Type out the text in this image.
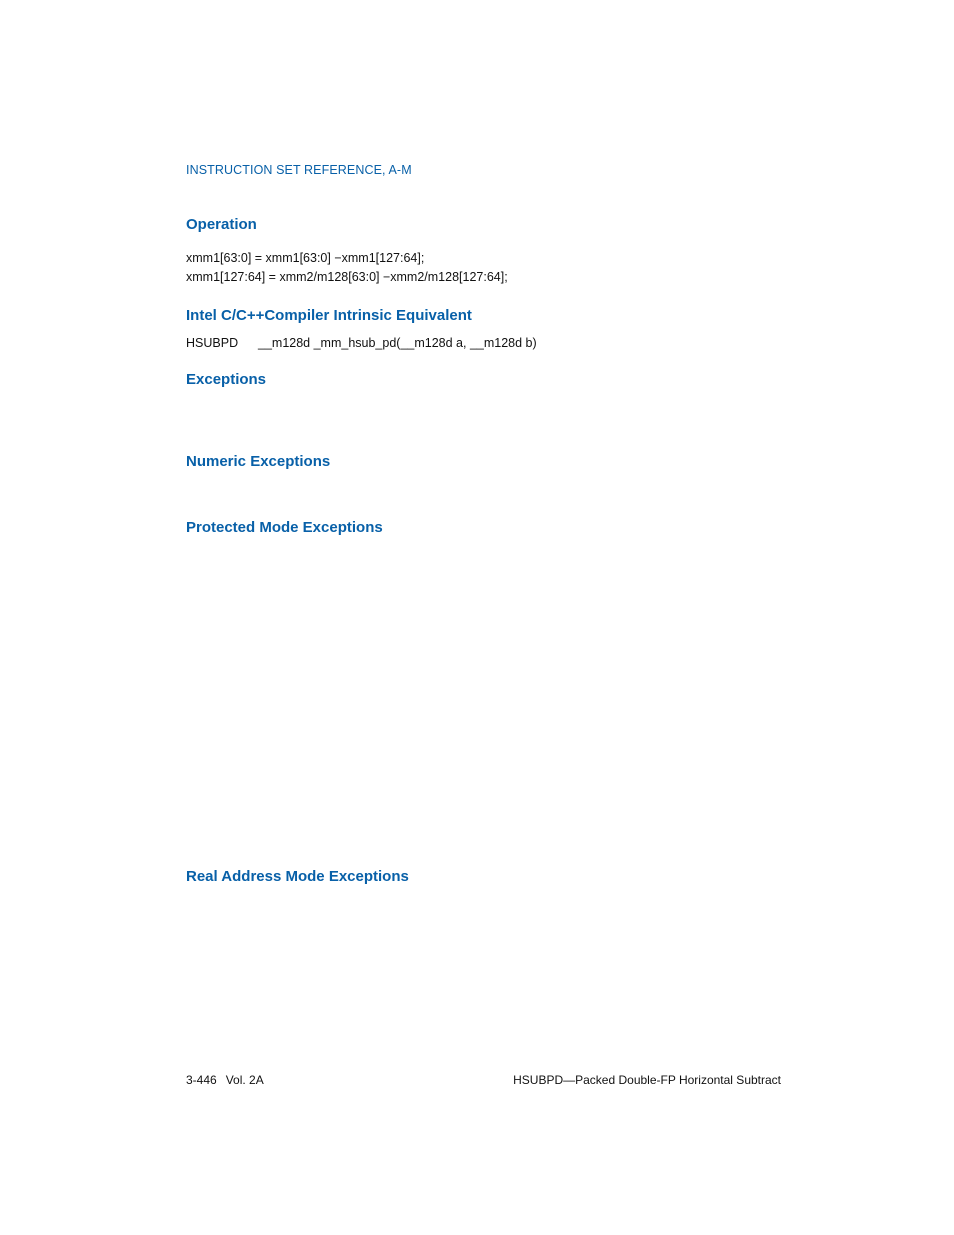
INSTRUCTION SET REFERENCE, A-M
Operation
xmm1[63:0] = xmm1[63:0] −xmm1[127:64];
xmm1[127:64] = xmm2/m128[63:0] −xmm2/m128[127:64];
Intel C/C++Compiler Intrinsic Equivalent
HSUBPD __m128d _mm_hsub_pd(__m128d a, __m128d b)
Exceptions
Numeric Exceptions
Protected Mode Exceptions
Real Address Mode Exceptions
3-446 Vol. 2A	HSUBPD—Packed Double-FP Horizontal Subtract
